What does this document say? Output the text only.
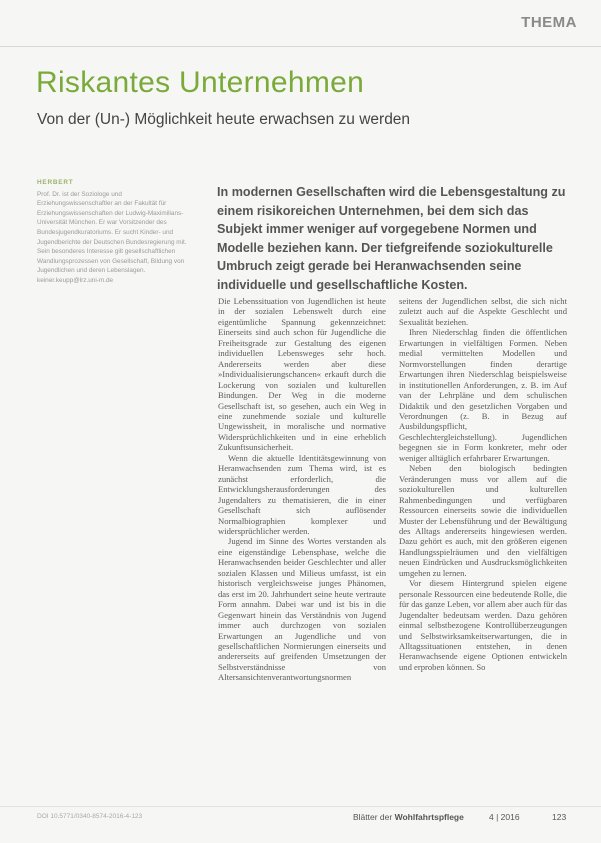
THEMA
Riskantes Unternehmen
Von der (Un-) Möglichkeit heute erwachsen zu werden
HERBERT
Prof. Dr. ist der Soziologe und Erziehungswissenschaftler an der Fakultät für Erziehungswissenschaften der Ludwig-Maximilians-Universität München. Er war Vorsitzender des Bundesjugendkuratoriums. Er sucht Kinder- und Jugendberichte der Deutschen Bundesregierung mit. Sein besonderes Interesse gilt gesellschaftlichen Wandlungsprozessen von Gesellschaft, Bildung von Jugendlichen und deren Lebenslagen. keiner.keupp@lrz.uni-m.de
In modernen Gesellschaften wird die Lebensgestaltung zu einem risikoreichen Unternehmen, bei dem sich das Subjekt immer weniger auf vorgegebene Normen und Modelle beziehen kann. Der tiefgreifende soziokulturelle Umbruch zeigt gerade bei Heranwachsenden seine individuelle und gesellschaftliche Kosten.

Die Lebenssituation von Jugendlichen ist heute in der sozialen Lebenswelt durch eine eigentümliche Spannung gekennzeichnet: Einerseits sind auch schon für Jugendliche die Freiheitsgrade zur Gestaltung des eigenen individuellen Lebensweges sehr hoch. Andererseits werden aber diese »Individualisierungschancen« erkauft durch die Lockerung von sozialen und kulturellen Bindungen. Der Weg in die moderne Gesellschaft ist, so gesehen, auch ein Weg in eine zunehmende soziale und kulturelle Ungewissheit, in moralische und normative Widersprüchlichkeiten und in eine erheblich Zukunftsunsicherheit.

Wenn die aktuelle Identitätsgewinnung von Heranwachsenden zum Thema wird, ist es zunächst erforderlich, die Entwicklungsherausforderungen des Jugendalters zu thematisieren, die in einer Gesellschaft sich auflösender Normalbiographien komplexer und widersprüchlicher werden.

Jugend im Sinne des Wortes verstanden als eine eigenständige Lebensphase, welche die Heranwachsenden beider Geschlechter und aller sozialen Klassen und Milieus umfasst, ist ein historisch vergleichsweise junges Phänomen, das erst im 20. Jahrhundert seine heute vertraute Form annahm. Dabei war und ist bis in die Gegenwart hinein das Verständnis von Jugend immer auch durchzogen von sozialen Erwartungen an Jugendliche und von gesellschaftlichen Normierungen einerseits und andererseits auf greifenden Umsetzungen der Selbstverständnisse von Altersansichtenverantwortungsnormen

seitens der Jugendlichen selbst, die sich nicht zuletzt auch auf die Aspekte Geschlecht und Sexualität beziehen.

Ihren Niederschlag finden die öffentlichen Erwartungen in vielfältigen Formen. Neben medial vermittelten Modellen und Normvorstellungen finden derartige Erwartungen ihren Niederschlag beispielsweise in institutionellen Anforderungen, z. B. im Auf van der Lehrpläne und dem schulischen Didaktik und den gesetzlichen Vorgaben und Verordnungen (z. B. in Bezug auf Ausbildungspflicht, Geschlechtergleichstellung). Jugendlichen begegnen sie in Form konkreter, mehr oder weniger alltäglich erfahrbarer Erwartungen.

Neben den biologisch bedingten Veränderungen muss vor allem auf die soziokulturellen und kulturellen Rahmenbedingungen und verfügbaren Ressourcen einerseits sowie die individuellen Muster der Lebensführung und der Bewältigung des Alltags andererseits hingewiesen werden. Dazu gehört es auch, mit den größeren eigenen Handlungsspielräumen und den vielfältigen neuen Eindrücken und Ausdrucksmöglichkeiten umgehen zu lernen.

Vor diesem Hintergrund spielen eigene personale Ressourcen eine bedeutende Rolle, die für das ganze Leben, vor allem aber auch für das Jugendalter bedeutsam werden. Dazu gehören einmal selbstbezogene Kontrollüberzeugungen und Selbstwirksamkeitserwartungen, die in Alltagssituationen entstehen, in denen Heranwachsende eigene Optionen entwickeln und erproben können. So

DOI 10.5771/0340-8574-2016-4-123	Blätter der Wohlfahrtspflege	4 | 2016	123
